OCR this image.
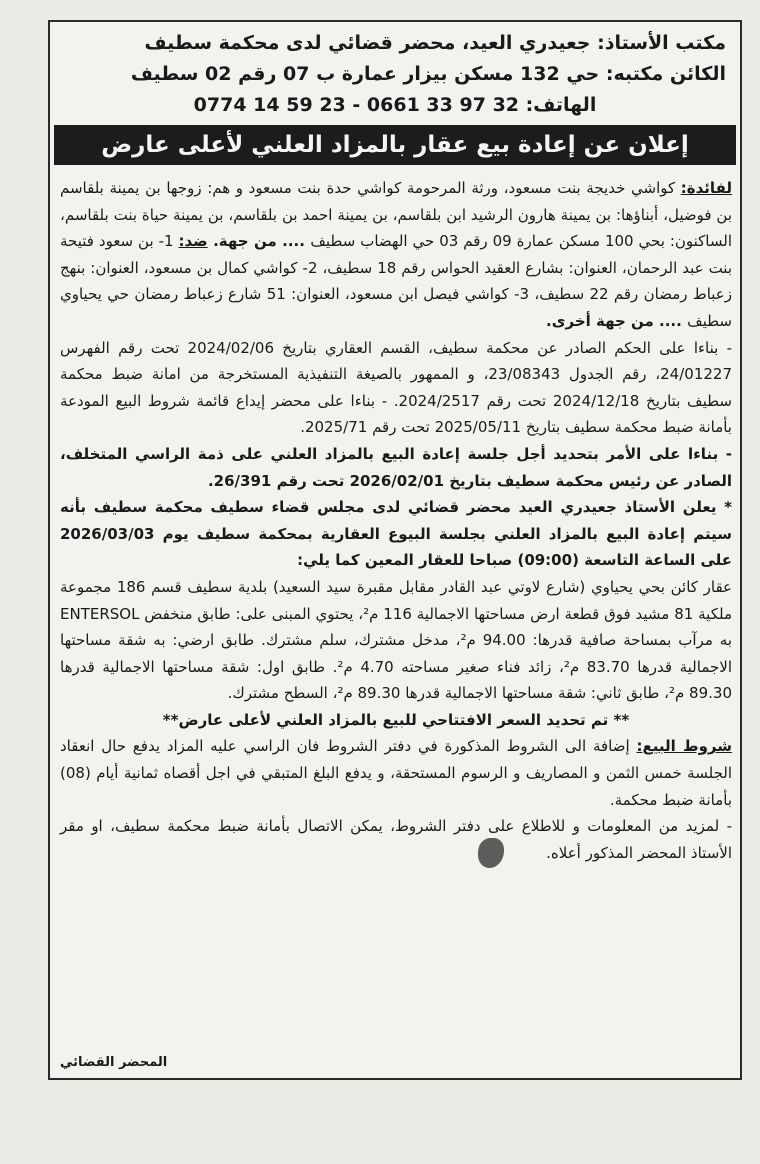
مكتب الأستاذ: جعيدري العيد، محضر قضائي لدى محكمة سطيف
الكائن مكتبه: حي 132 مسكن بيزار عمارة ب 07 رقم 02 سطيف
الهاتف: 32 97 33 0661 - 23 59 14 0774
إعلان عن إعادة بيع عقار بالمزاد العلني لأعلى عارض

لفائدة: كواشي خديجة بنت مسعود، ورثة المرحومة كواشي حدة بنت مسعود و هم: زوجها بن يمينة بلقاسم بن فوضيل، أبناؤها: بن يمينة هارون الرشيد ابن بلقاسم، بن يمينة احمد بن بلقاسم، بن يمينة حياة بنت بلقاسم، الساكنون: بحي 100 مسكن عمارة 09 رقم 03 حي الهضاب سطيف .... من جهة. ضد: 1- بن سعود فتيحة بنت عبد الرحمان، العنوان: بشارع العقيد الحواس رقم 18 سطيف، 2- كواشي كمال بن مسعود، العنوان: بنهج زعباط رمضان رقم 22 سطيف، 3- كواشي فيصل ابن مسعود، العنوان: 51 شارع زعباط رمضان حي يحياوي سطيف .... من جهة أخرى.

- بناءا على الحكم الصادر عن محكمة سطيف، القسم العقاري بتاريخ 2024/02/06 تحت رقم الفهرس 24/01227، رقم الجدول 23/08343، و الممهور بالصيغة التنفيذية المستخرجة من امانة ضبط محكمة سطيف بتاريخ 2024/12/18 تحت رقم 2024/2517. - بناءا على محضر إيداع قائمة شروط البيع المودعة بأمانة ضبط محكمة سطيف بتاريخ 2025/05/11 تحت رقم 2025/71.

- بناءا على الأمر بتحديد أجل جلسة إعادة البيع بالمزاد العلني على ذمة الراسي المتخلف، الصادر عن رئيس محكمة سطيف بتاريخ 2026/02/01 تحت رقم 26/391.

* يعلن الأستاذ جعيدري العيد محضر قضائي لدى مجلس قضاء سطيف محكمة سطيف بأنه سيتم إعادة البيع بالمزاد العلني بجلسة البيوع العقارية بمحكمة سطيف يوم 2026/03/03 على الساعة التاسعة (09:00) صباحا للعقار المعين كما يلي:

عقار كائن بحي يحياوي (شارع لاوتي عبد القادر مقابل مقبرة سيد السعيد) بلدية سطيف قسم 186 مجموعة ملكية 81 مشيد فوق قطعة ارض مساحتها الاجمالية 116 م²، يحتوي المبنى على: طابق منخفض ENTERSOL به مرآب بمساحة صافية قدرها: 94.00 م²، مدخل مشترك، سلم مشترك. طابق ارضي: به شقة مساحتها الاجمالية قدرها 83.70 م²، زائد فناء صغير مساحته 4.70 م². طابق اول: شقة مساحتها الاجمالية قدرها 89.30 م²، طابق ثاني: شقة مساحتها الاجمالية قدرها 89.30 م²، السطح مشترك.

** تم تحديد السعر الافتتاحي للبيع بالمزاد العلني لأعلى عارض**

شروط البيع: إضافة الى الشروط المذكورة في دفتر الشروط فان الراسي عليه المزاد يدفع حال انعقاد الجلسة خمس الثمن و المصاريف و الرسوم المستحقة، و يدفع البلغ المتبقي في اجل أقصاه ثمانية أيام (08) بأمانة ضبط محكمة.

- لمزيد من المعلومات و للاطلاع على دفتر الشروط، يمكن الاتصال بأمانة ضبط محكمة سطيف، او مقر الأستاذ المحضر المذكور أعلاه.

المحضر القضائي
